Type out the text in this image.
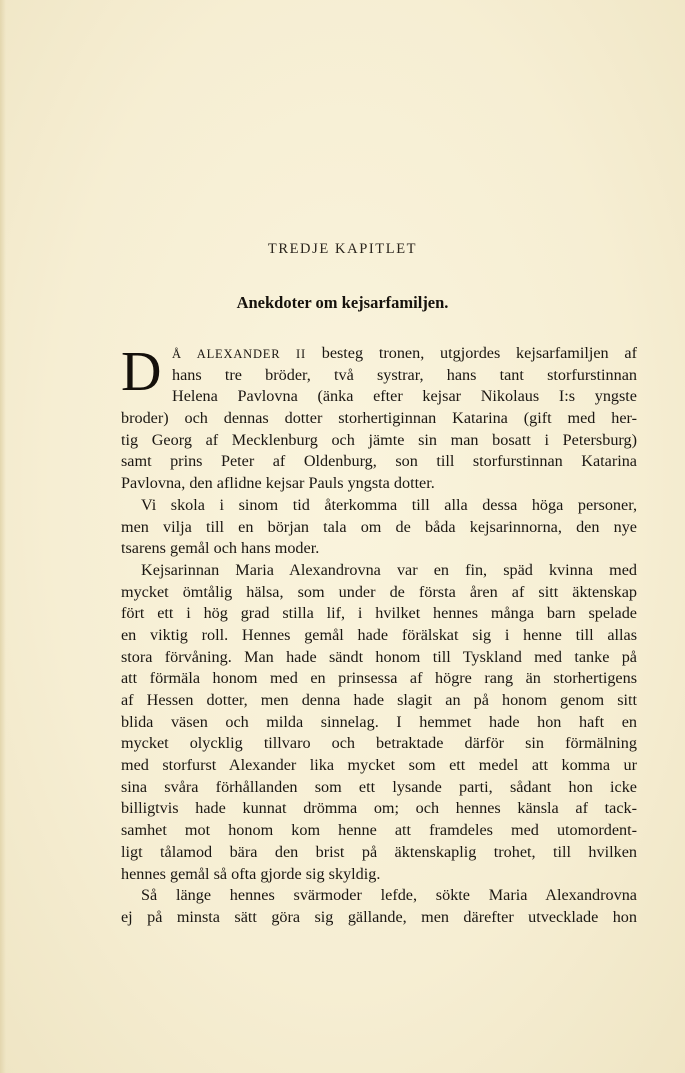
TREDJE KAPITLET
Anekdoter om kejsarfamiljen.
D Å ALEXANDER II besteg tronen, utgjordes kejsarfamiljen af
hans tre bröder, två systrar, hans tant storfurstinnan
Helena Pavlovna (änka efter kejsar Nikolaus I:s yngste
broder) och dennas dotter storhertiginnan Katarina (gift med her-
tig Georg af Mecklenburg och jämte sin man bosatt i Petersburg)
samt prins Peter af Oldenburg, son till storfurstinnan Katarina
Pavlovna, den aflidne kejsar Pauls yngsta dotter.
Vi skola i sinom tid återkomma till alla dessa höga personer,
men vilja till en början tala om de båda kejsarinnorna, den nye
tsarens gemål och hans moder.
Kejsarinnan Maria Alexandrovna var en fin, späd kvinna med
mycket ömtålig hälsa, som under de första åren af sitt äktenskap
fört ett i hög grad stilla lif, i hvilket hennes många barn spelade
en viktig roll. Hennes gemål hade förälskat sig i henne till allas
stora förvåning. Man hade sändt honom till Tyskland med tanke på
att förmäla honom med en prinsessa af högre rang än storhertigens
af Hessen dotter, men denna hade slagit an på honom genom sitt
blida väsen och milda sinnelag. I hemmet hade hon haft en
mycket olycklig tillvaro och betraktade därför sin förmälning
med storfurst Alexander lika mycket som ett medel att komma ur
sina svåra förhållanden som ett lysande parti, sådant hon icke
billigtvis hade kunnat drömma om; och hennes känsla af tack-
samhet mot honom kom henne att framdeles med utomordent-
ligt tålamod bära den brist på äktenskaplig trohet, till hvilken
hennes gemål så ofta gjorde sig skyldig.
Så länge hennes svärmoder lefde, sökte Maria Alexandrovna
ej på minsta sätt göra sig gällande, men därefter utvecklade hon
